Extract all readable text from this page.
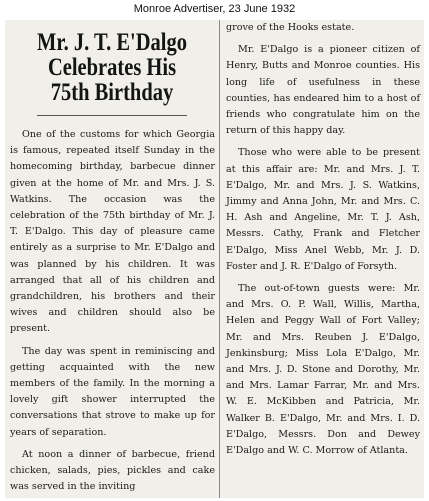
Monroe Advertiser, 23 June 1932
Mr. J. T. E'Dalgo
Celebrates His
75th Birthday

One of the customs for which Georgia is famous, repeated itself Sunday in the homecoming birthday, barbecue dinner given at the home of Mr. and Mrs. J. S. Watkins. The occasion was the celebration of the 75th birthday of Mr. J. T. E'Dalgo. This day of pleasure came entirely as a surprise to Mr. E'Dalgo and was planned by his children. It was arranged that all of his children and grandchildren, his brothers and their wives and children should also be present.

The day was spent in reminiscing and getting acquainted with the new members of the family. In the morning a lovely gift shower interrupted the conversations that strove to make up for years of separation.

At noon a dinner of barbecue, friend chicken, salads, pies, pickles and cake was served in the inviting

grove of the Hooks estate.

Mr. E'Dalgo is a pioneer citizen of Henry, Butts and Monroe counties. His long life of usefulness in these counties, has endeared him to a host of friends who congratulate him on the return of this happy day.

Those who were able to be present at this affair are: Mr. and Mrs. J. T. E'Dalgo, Mr. and Mrs. J. S. Watkins, Jimmy and Anna John, Mr. and Mrs. C. H. Ash and Angeline, Mr. T. J. Ash, Messrs. Cathy, Frank and Fletcher E'Dalgo, Miss Anel Webb, Mr. J. D. Foster and J. R. E'Dalgo of Forsyth.

The out-of-town guests were: Mr. and Mrs. O. P. Wall, Willis, Martha, Helen and Peggy Wall of Fort Valley; Mr. and Mrs. Reuben J. E'Dalgo, Jenkinsburg; Miss Lola E'Dalgo, Mr. and Mrs. J. D. Stone and Dorothy, Mr. and Mrs. Lamar Farrar, Mr. and Mrs. W. E. McKibben and Patricia, Mr. Walker B. E'Dalgo, Mr. and Mrs. I. D. E'Dalgo, Messrs. Don and Dewey E'Dalgo and W. C. Morrow of Atlanta.
